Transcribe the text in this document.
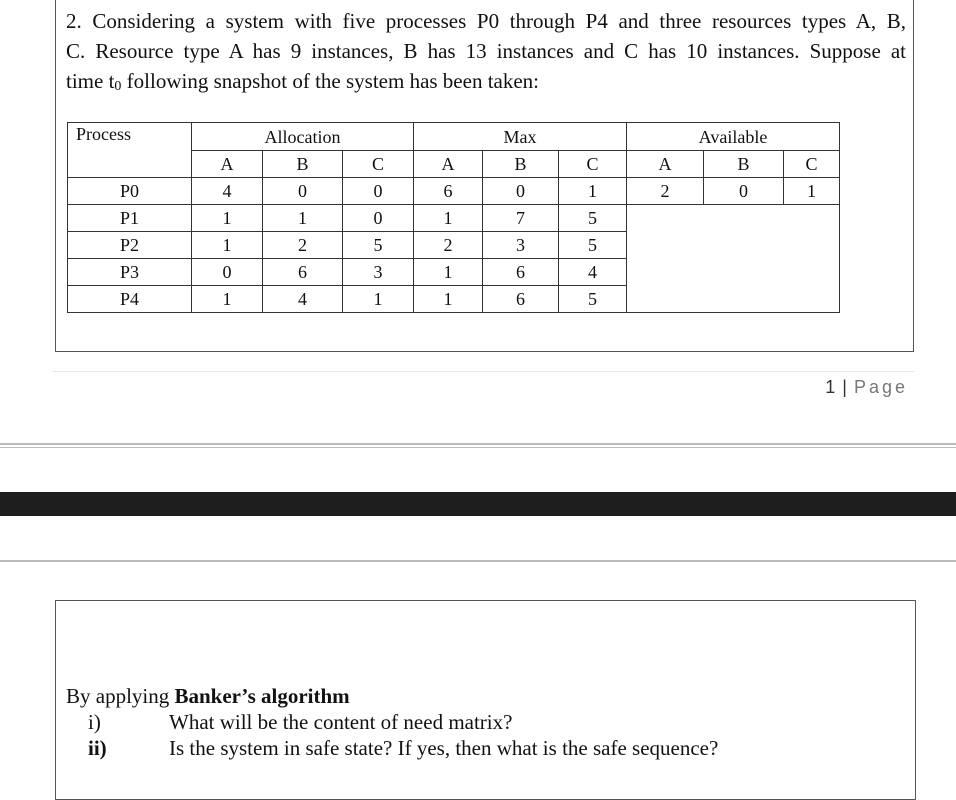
2. Considering a system with five processes P0 through P4 and three resources types A, B,
C. Resource type A has 9 instances, B has 13 instances and C has 10 instances. Suppose at
time $t_0$ following snapshot of the system has been taken:

Process	Allocation			Max			Available		
	A	B	C	A	B	C	A	B	C
P0	4	0	0	6	0	1	2	0	1
P1	1	1	0	1	7	5			
P2	1	2	5	2	3	5			
P3	0	6	3	1	6	4			
P4	1	4	1	1	6	5			
1 | Page
By applying Banker’s algorithm
i)	What will be the content of need matrix?
ii)	Is the system in safe state? If yes, then what is the safe sequence?
